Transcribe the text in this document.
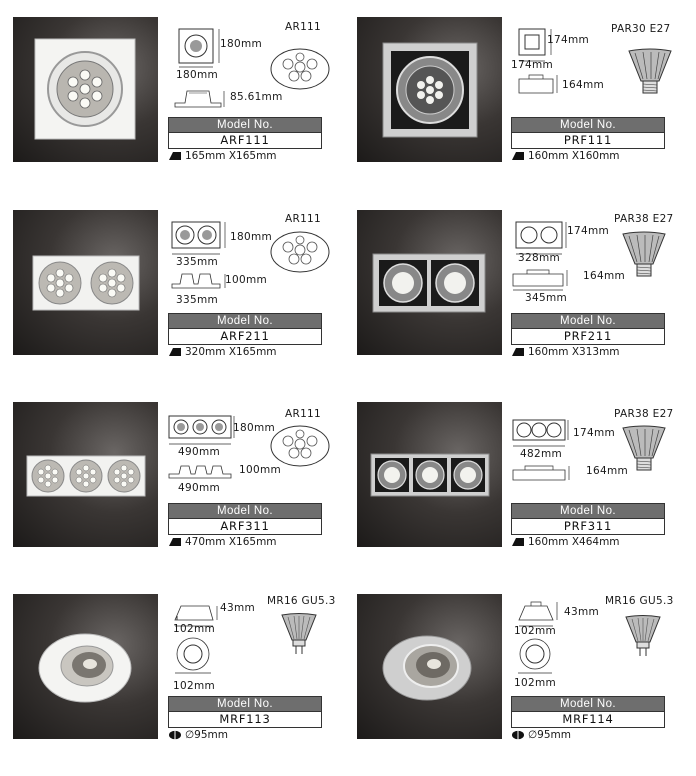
180mm
180mm
85.61mm
AR111
Model No.
ARF111
165mm X165mm
174mm
174mm
164mm
PAR30 E27
Model No.
PRF111
160mm X160mm
180mm
335mm
100mm
335mm
AR111
Model No.
ARF211
320mm X165mm
174mm
328mm
164mm
345mm
PAR38 E27
Model No.
PRF211
160mm X313mm
180mm
490mm
100mm
490mm
AR111
Model No.
ARF311
470mm X165mm
174mm
482mm
164mm
PAR38 E27
Model No.
PRF311
160mm X464mm
43mm
102mm
102mm
MR16 GU5.3
Model No.
MRF113
∅95mm
43mm
102mm
102mm
MR16 GU5.3
Model No.
MRF114
∅95mm
